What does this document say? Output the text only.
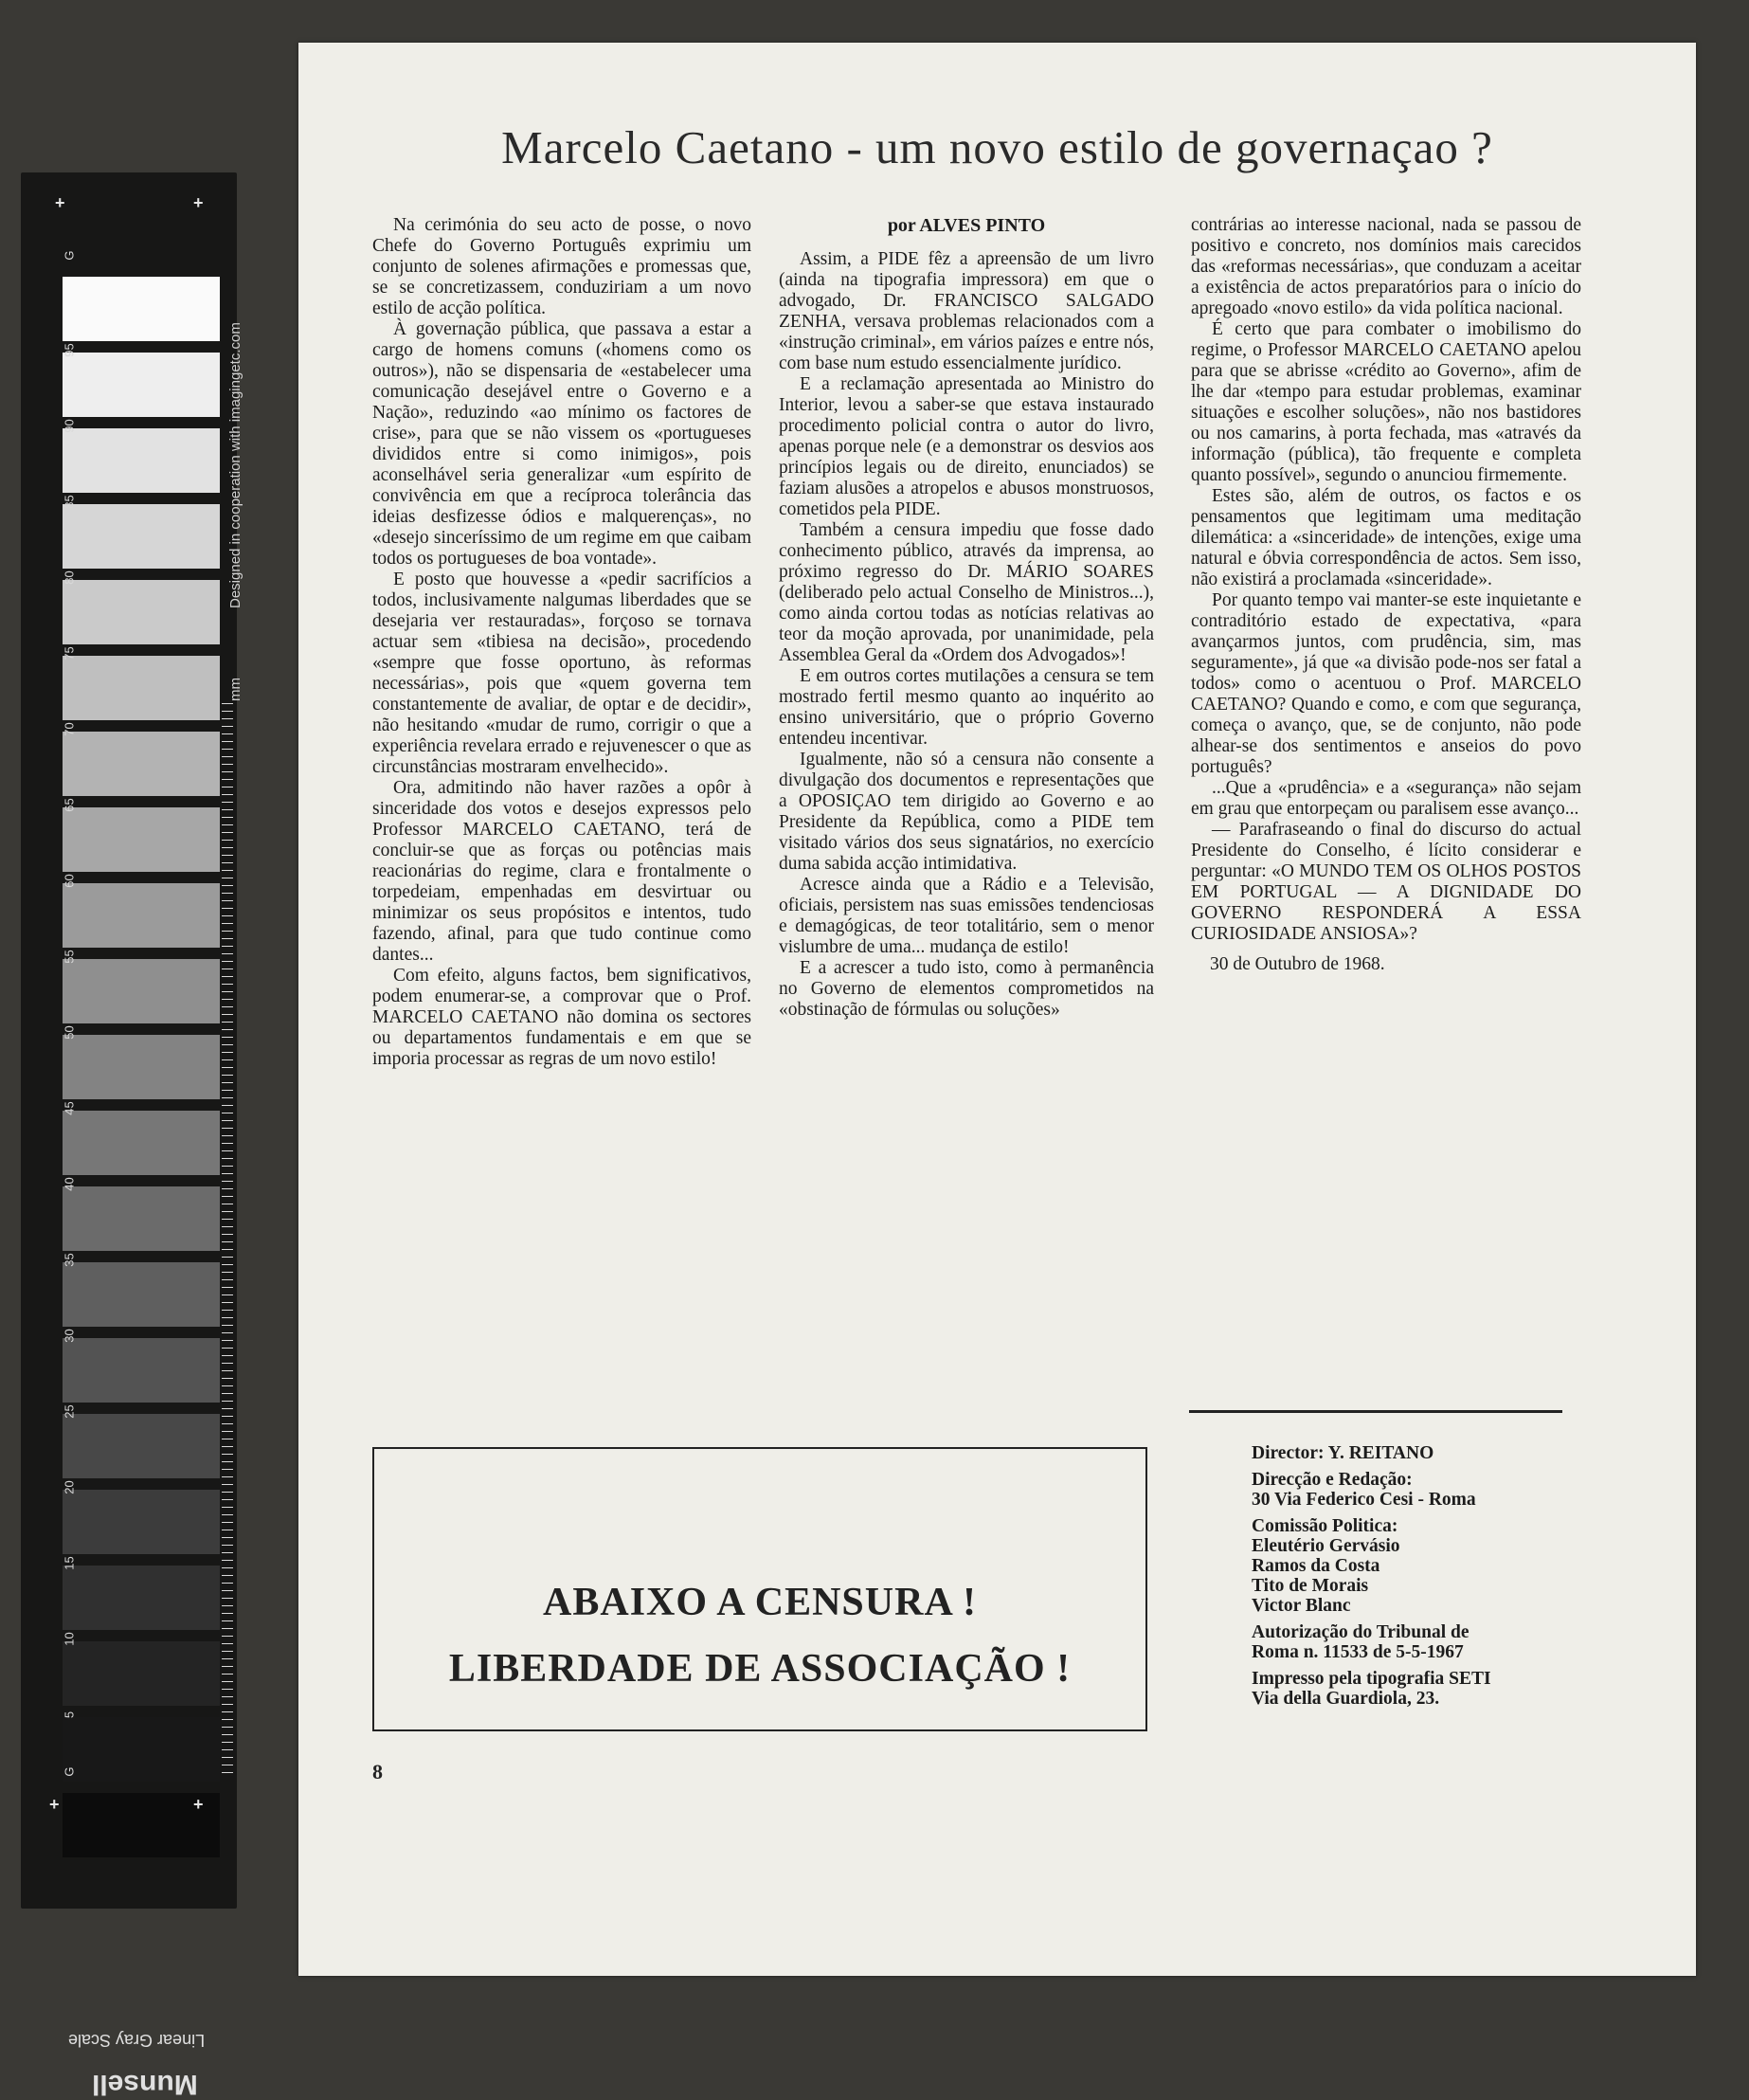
+	+
+	+
G
G
Designed in cooperation with imagingetc.com
mm
Linear Gray Scale
Munsell
95
90
85
80
75
70
65
60
55
50
45
40
35
30
25
20
15
10
5
Marcelo Caetano - um novo estilo de governaçao ?

Na cerimónia do seu acto de posse, o novo Chefe do Governo Português exprimiu um conjunto de solenes afirmações e promessas que, se se concretizassem, conduziriam a um novo estilo de acção política.

À governação pública, que passava a estar a cargo de homens comuns («homens como os outros»), não se dispensaria de «estabelecer uma comunicação desejável entre o Governo e a Nação», reduzindo «ao mínimo os factores de crise», para que se não vissem os «portugueses divididos entre si como inimigos», pois aconselhável seria generalizar «um espírito de convivência em que a recíproca tolerância das ideias desfizesse ódios e malquerenças», no «desejo sinceríssimo de um regime em que caibam todos os portugueses de boa vontade».

E posto que houvesse a «pedir sacrifícios a todos, inclusivamente nalgumas liberdades que se desejaria ver restauradas», forçoso se tornava actuar sem «tibiesa na decisão», procedendo «sempre que fosse oportuno, às reformas necessárias», pois que «quem governa tem constantemente de avaliar, de optar e de decidir», não hesitando «mudar de rumo, corrigir o que a experiência revelara errado e rejuvenescer o que as circunstâncias mostraram envelhecido».

Ora, admitindo não haver razões a opôr à sinceridade dos votos e desejos expressos pelo Professor MARCELO CAETANO, terá de concluir-se que as forças ou potências mais reacionárias do regime, clara e frontalmente o torpedeiam, empenhadas em desvirtuar ou minimizar os seus propósitos e intentos, tudo fazendo, afinal, para que tudo continue como dantes...

Com efeito, alguns factos, bem significativos, podem enumerar-se, a comprovar que o Prof. MARCELO CAETANO não domina os sectores ou departamentos fundamentais e em que se imporia processar as regras de um novo estilo!

por ALVES PINTO

Assim, a PIDE fêz a apreensão de um livro (ainda na tipografia impressora) em que o advogado, Dr. FRANCISCO SALGADO ZENHA, versava problemas relacionados com a «instrução criminal», em vários paízes e entre nós, com base num estudo essencialmente jurídico.

E a reclamação apresentada ao Ministro do Interior, levou a saber-se que estava instaurado procedimento policial contra o autor do livro, apenas porque nele (e a demonstrar os desvios aos princípios legais ou de direito, enunciados) se faziam alusões a atropelos e abusos monstruosos, cometidos pela PIDE.

Também a censura impediu que fosse dado conhecimento público, através da imprensa, ao próximo regresso do Dr. MÁRIO SOARES (deliberado pelo actual Conselho de Ministros...), como ainda cortou todas as notícias relativas ao teor da moção aprovada, por unanimidade, pela Assemblea Geral da «Ordem dos Advogados»!

E em outros cortes mutilações a censura se tem mostrado fertil mesmo quanto ao inquérito ao ensino universitário, que o próprio Governo entendeu incentivar.

Igualmente, não só a censura não consente a divulgação dos documentos e representações que a OPOSIÇAO tem dirigido ao Governo e ao Presidente da República, como a PIDE tem visitado vários dos seus signatários, no exercício duma sabida acção intimidativa.

Acresce ainda que a Rádio e a Televisão, oficiais, persistem nas suas emissões tendenciosas e demagógicas, de teor totalitário, sem o menor vislumbre de uma... mudança de estilo!

E a acrescer a tudo isto, como à permanência no Governo de elementos comprometidos na «obstinação de fórmulas ou soluções»

contrárias ao interesse nacional, nada se passou de positivo e concreto, nos domínios mais carecidos das «reformas necessárias», que conduzam a aceitar a existência de actos preparatórios para o início do apregoado «novo estilo» da vida política nacional.

É certo que para combater o imobilismo do regime, o Professor MARCELO CAETANO apelou para que se abrisse «crédito ao Governo», afim de lhe dar «tempo para estudar problemas, examinar situações e escolher soluções», não nos bastidores ou nos camarins, à porta fechada, mas «através da informação (pública), tão frequente e completa quanto possível», segundo o anunciou firmemente.

Estes são, além de outros, os factos e os pensamentos que legitimam uma meditação dilemática: a «sinceridade» de intenções, exige uma natural e óbvia correspondência de actos. Sem isso, não existirá a proclamada «sinceridade».

Por quanto tempo vai manter-se este inquietante e contraditório estado de expectativa, «para avançarmos juntos, com prudência, sim, mas seguramente», já que «a divisão pode-nos ser fatal a todos» como o acentuou o Prof. MARCELO CAETANO? Quando e como, e com que segurança, começa o avanço, que, se de conjunto, não pode alhear-se dos sentimentos e anseios do povo português?

...Que a «prudência» e a «segurança» não sejam em grau que entorpeçam ou paralisem esse avanço...

— Parafraseando o final do discurso do actual Presidente do Conselho, é lícito considerar e perguntar: «O MUNDO TEM OS OLHOS POSTOS EM PORTUGAL — A DIGNIDADE DO GOVERNO RESPONDERÁ A ESSA CURIOSIDADE ANSIOSA»?

30 de Outubro de 1968.

Director: Y. REITANO
Direcção e Redação:
30 Via Federico Cesi - Roma
Comissão Politica:
Eleutério Gervásio
Ramos da Costa
Tito de Morais
Victor Blanc
Autorização do Tribunal de
Roma n. 11533 de 5-5-1967
Impresso pela tipografia SETI
Via della Guardiola, 23.
ABAIXO A CENSURA !
LIBERDADE DE ASSOCIAÇÃO !
8
